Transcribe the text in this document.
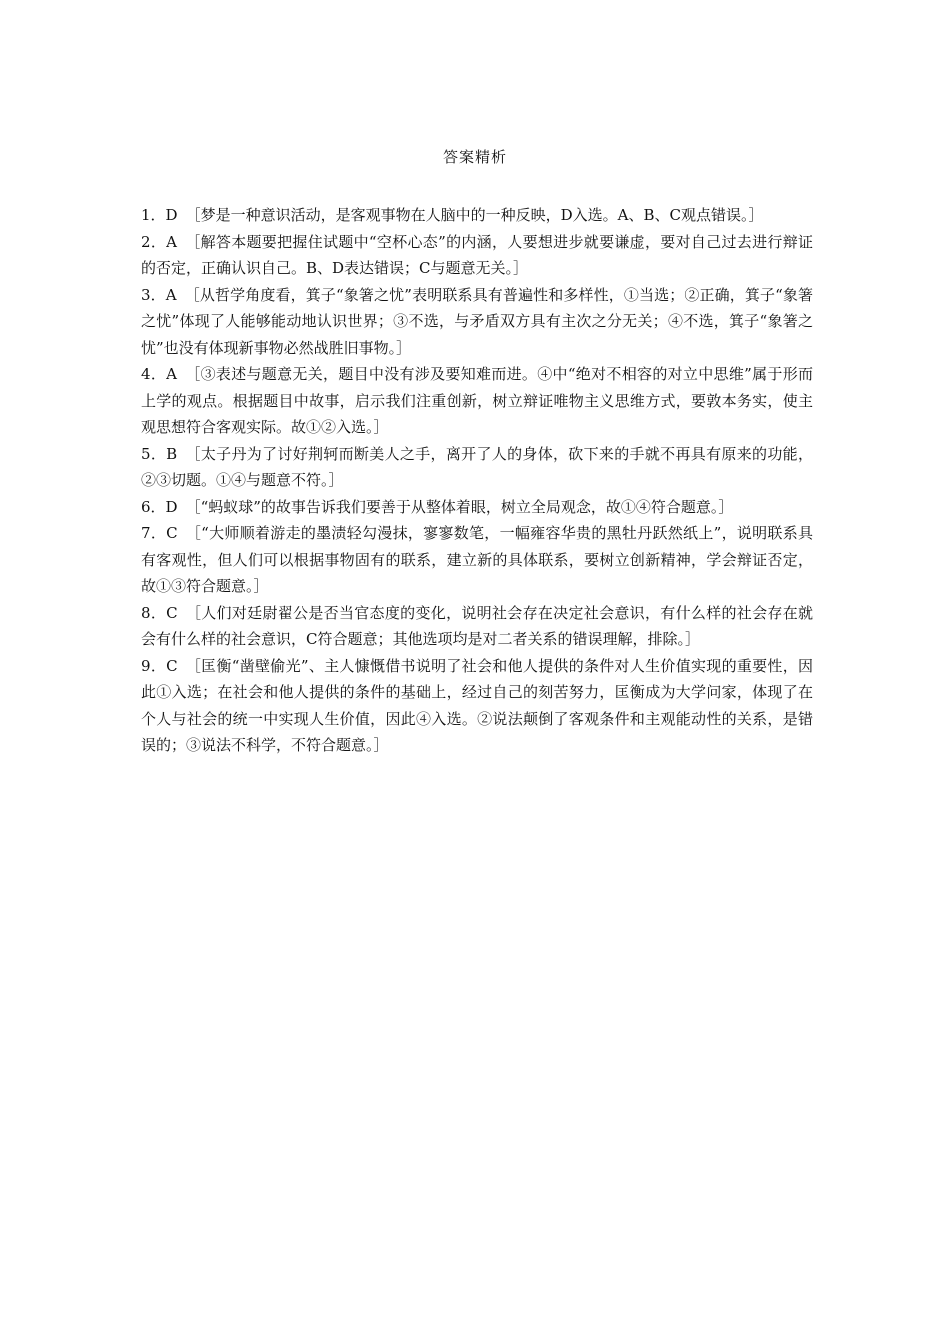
答案精析

1．D ［梦是一种意识活动，是客观事物在人脑中的一种反映，D入选。A、B、C观点错误。］

2．A ［解答本题要把握住试题中“空杯心态”的内涵，人要想进步就要谦虚，要对自己过去进行辩证的否定，正确认识自己。B、D表达错误；C与题意无关。］

3．A ［从哲学角度看，箕子“象箸之忧”表明联系具有普遍性和多样性，①当选；②正确，箕子“象箸之忧”体现了人能够能动地认识世界；③不选，与矛盾双方具有主次之分无关；④不选，箕子“象箸之忧”也没有体现新事物必然战胜旧事物。］

4．A ［③表述与题意无关，题目中没有涉及要知难而进。④中“绝对不相容的对立中思维”属于形而上学的观点。根据题目中故事，启示我们注重创新，树立辩证唯物主义思维方式，要敦本务实，使主观思想符合客观实际。故①②入选。］

5．B ［太子丹为了讨好荆轲而断美人之手，离开了人的身体，砍下来的手就不再具有原来的功能，②③切题。①④与题意不符。］

6．D ［“蚂蚁球”的故事告诉我们要善于从整体着眼，树立全局观念，故①④符合题意。］

7．C ［“大师顺着游走的墨渍轻勾漫抹，寥寥数笔，一幅雍容华贵的黑牡丹跃然纸上”，说明联系具有客观性，但人们可以根据事物固有的联系，建立新的具体联系，要树立创新精神，学会辩证否定，故①③符合题意。］

8．C ［人们对廷尉翟公是否当官态度的变化，说明社会存在决定社会意识，有什么样的社会存在就会有什么样的社会意识，C符合题意；其他选项均是对二者关系的错误理解，排除。］

9．C ［匡衡“凿壁偷光”、主人慷慨借书说明了社会和他人提供的条件对人生价值实现的重要性，因此①入选；在社会和他人提供的条件的基础上，经过自己的刻苦努力，匡衡成为大学问家，体现了在个人与社会的统一中实现人生价值，因此④入选。②说法颠倒了客观条件和主观能动性的关系，是错误的；③说法不科学，不符合题意。］
